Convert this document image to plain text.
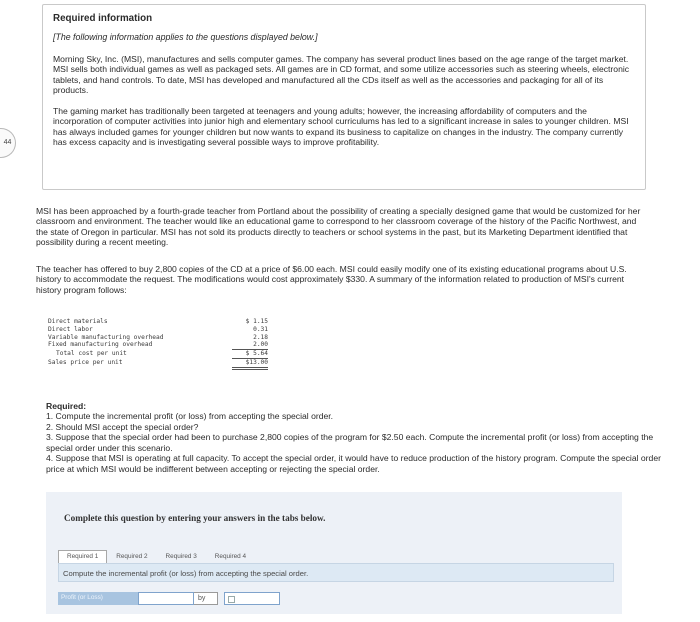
44
Required information
[The following information applies to the questions displayed below.]

Morning Sky, Inc. (MSI), manufactures and sells computer games. The company has several product lines based on the age range of the target market. MSI sells both individual games as well as packaged sets. All games are in CD format, and some utilize accessories such as steering wheels, electronic tablets, and hand controls. To date, MSI has developed and manufactured all the CDs itself as well as the accessories and packaging for all of its products.

The gaming market has traditionally been targeted at teenagers and young adults; however, the increasing affordability of computers and the incorporation of computer activities into junior high and elementary school curriculums has led to a significant increase in sales to younger children. MSI has always included games for younger children but now wants to expand its business to capitalize on changes in the industry. The company currently has excess capacity and is investigating several possible ways to improve profitability.

MSI has been approached by a fourth-grade teacher from Portland about the possibility of creating a specially designed game that would be customized for her classroom and environment. The teacher would like an educational game to correspond to her classroom coverage of the history of the Pacific Northwest, and the state of Oregon in particular. MSI has not sold its products directly to teachers or school systems in the past, but its Marketing Department identified that possibility during a recent meeting.

The teacher has offered to buy 2,800 copies of the CD at a price of $6.00 each. MSI could easily modify one of its existing educational programs about U.S. history to accommodate the request. The modifications would cost approximately $330. A summary of the information related to production of MSI's current history program follows:

Direct materials	$ 1.15
Direct labor	0.31
Variable manufacturing overhead	2.18
Fixed manufacturing overhead	2.00
Total cost per unit	$ 5.64
Sales price per unit	$13.00
Required:
1. Compute the incremental profit (or loss) from accepting the special order.
2. Should MSI accept the special order?
3. Suppose that the special order had been to purchase 2,800 copies of the program for $2.50 each. Compute the incremental profit (or loss) from accepting the special order under this scenario.
4. Suppose that MSI is operating at full capacity. To accept the special order, it would have to reduce production of the history program. Compute the special order price at which MSI would be indifferent between accepting or rejecting the special order.
Complete this question by entering your answers in the tabs below.
Required 1	Required 2	Required 3	Required 4
Compute the incremental profit (or loss) from accepting the special order.
Profit (or Loss)	by
